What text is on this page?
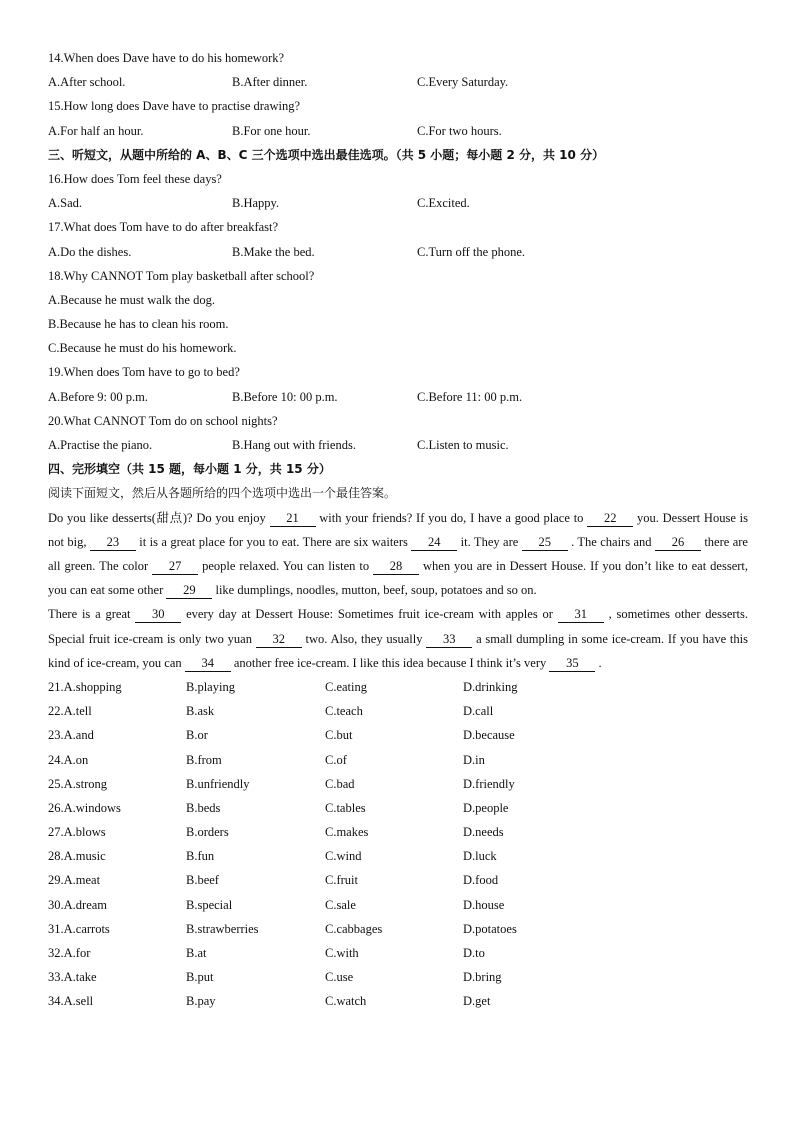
14.When does Dave have to do his homework?
A.After school.	B.After dinner.	C.Every Saturday.
15.How long does Dave have to practise drawing?
A.For half an hour.	B.For one hour.	C.For two hours.
三、听短文，从题中所给的 A、B、C 三个选项中选出最佳选项。（共 5 小题；每小题 2 分，共 10 分）
16.How does Tom feel these days?
A.Sad.	B.Happy.	C.Excited.
17.What does Tom have to do after breakfast?
A.Do the dishes.	B.Make the bed.	C.Turn off the phone.
18.Why CANNOT Tom play basketball after school?
A.Because he must walk the dog.
B.Because he has to clean his room.
C.Because he must do his homework.
19.When does Tom have to go to bed?
A.Before 9: 00 p.m.	B.Before 10: 00 p.m.	C.Before 11: 00 p.m.
20.What CANNOT Tom do on school nights?
A.Practise the piano.	B.Hang out with friends.	C.Listen to music.
四、完形填空（共 15 题，每小题 1 分，共 15 分）
阅读下面短文，然后从各题所给的四个选项中选出一个最佳答案。
Do you like desserts(甜点)? Do you enjoy 21 with your friends? If you do, I have a good place to 22 you. Dessert House is not big, 23 it is a great place for you to eat. There are six waiters 24 it. They are 25 . The chairs and 26 there are all green. The color 27 people relaxed. You can listen to 28 when you are in Dessert House. If you don’t like to eat dessert, you can eat some other 29 like dumplings, noodles, mutton, beef, soup, potatoes and so on.
There is a great 30 every day at Dessert House: Sometimes fruit ice-cream with apples or 31 , sometimes other desserts. Special fruit ice-cream is only two yuan 32 two. Also, they usually 33 a small dumpling in some ice-cream. If you have this kind of ice-cream, you can 34 another free ice-cream. I like this idea because I think it’s very 35 .
21.A.shopping	B.playing	C.eating	D.drinking
22.A.tell	B.ask	C.teach	D.call
23.A.and	B.or	C.but	D.because
24.A.on	B.from	C.of	D.in
25.A.strong	B.unfriendly	C.bad	D.friendly
26.A.windows	B.beds	C.tables	D.people
27.A.blows	B.orders	C.makes	D.needs
28.A.music	B.fun	C.wind	D.luck
29.A.meat	B.beef	C.fruit	D.food
30.A.dream	B.special	C.sale	D.house
31.A.carrots	B.strawberries	C.cabbages	D.potatoes
32.A.for	B.at	C.with	D.to
33.A.take	B.put	C.use	D.bring
34.A.sell	B.pay	C.watch	D.get
